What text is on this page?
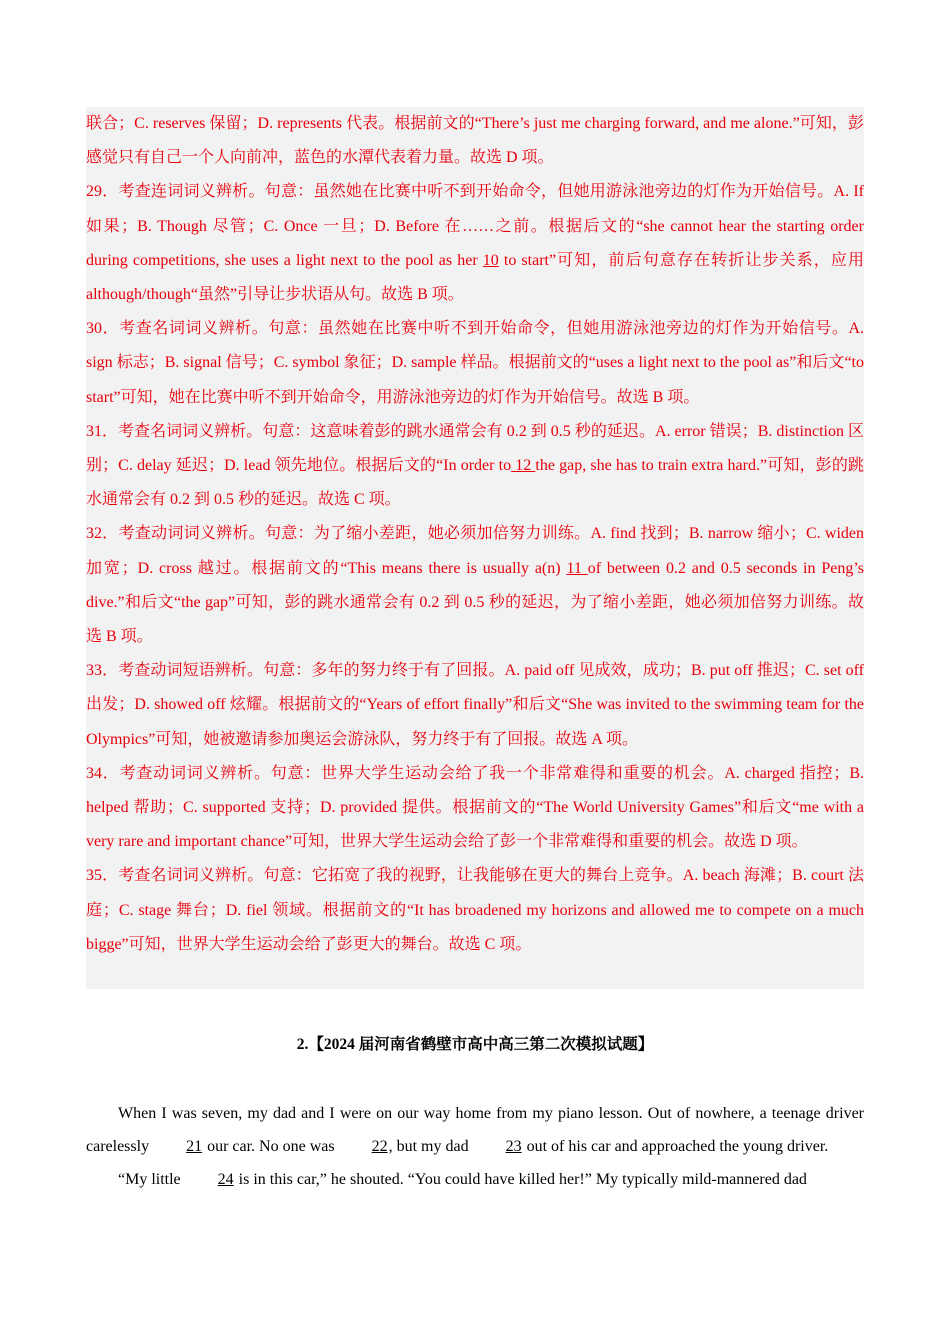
联合；C. reserves 保留；D. represents 代表。根据前文的“There’s just me charging forward, and me alone.”可知，彭感觉只有自己一个人向前冲，蓝色的水潭代表着力量。故选 D 项。

29．考查连词词义辨析。句意：虽然她在比赛中听不到开始命令，但她用游泳池旁边的灯作为开始信号。A. If 如果；B. Though 尽管；C. Once 一旦；D. Before 在……之前。根据后文的“she cannot hear the starting order during competitions, she uses a light next to the pool as her 10 to start”可知，前后句意存在转折让步关系，应用 although/though“虽然”引导让步状语从句。故选 B 项。

30．考查名词词义辨析。句意：虽然她在比赛中听不到开始命令，但她用游泳池旁边的灯作为开始信号。A. sign 标志；B. signal 信号；C. symbol 象征；D. sample 样品。根据前文的“uses a light next to the pool as”和后文“to start”可知，她在比赛中听不到开始命令，用游泳池旁边的灯作为开始信号。故选 B 项。

31．考查名词词义辨析。句意：这意味着彭的跳水通常会有 0.2 到 0.5 秒的延迟。A. error 错误；B. distinction 区别；C. delay 延迟；D. lead 领先地位。根据后文的“In order to 12 the gap, she has to train extra hard.”可知，彭的跳水通常会有 0.2 到 0.5 秒的延迟。故选 C 项。

32．考查动词词义辨析。句意：为了缩小差距，她必须加倍努力训练。A. find 找到；B. narrow 缩小；C. widen 加宽；D. cross 越过。根据前文的“This means there is usually a(n) 11 of between 0.2 and 0.5 seconds in Peng’s dive.”和后文“the gap”可知，彭的跳水通常会有 0.2 到 0.5 秒的延迟，为了缩小差距，她必须加倍努力训练。故选 B 项。

33．考查动词短语辨析。句意：多年的努力终于有了回报。A. paid off 见成效，成功；B. put off 推迟；C. set off 出发；D. showed off 炫耀。根据前文的“Years of effort finally”和后文“She was invited to the swimming team for the Olympics”可知，她被邀请参加奥运会游泳队，努力终于有了回报。故选 A 项。

34．考查动词词义辨析。句意：世界大学生运动会给了我一个非常难得和重要的机会。A. charged 指控；B. helped 帮助；C. supported 支持；D. provided 提供。根据前文的“The World University Games”和后文“me with a very rare and important chance”可知，世界大学生运动会给了彭一个非常难得和重要的机会。故选 D 项。

35．考查名词词义辨析。句意：它拓宽了我的视野，让我能够在更大的舞台上竞争。A. beach 海滩；B. court 法庭；C. stage 舞台；D. fiel 领域。根据前文的“It has broadened my horizons and allowed me to compete on a much bigge”可知，世界大学生运动会给了彭更大的舞台。故选 C 项。

2.【2024 届河南省鹤壁市高中高三第二次模拟试题】

When I was seven, my dad and I were on our way home from my piano lesson. Out of nowhere, a teenage driver carelessly 21 our car. No one was 22, but my dad 23 out of his car and approached the young driver.

“My little 24 is in this car,” he shouted. “You could have killed her!” My typically mild-mannered dad
